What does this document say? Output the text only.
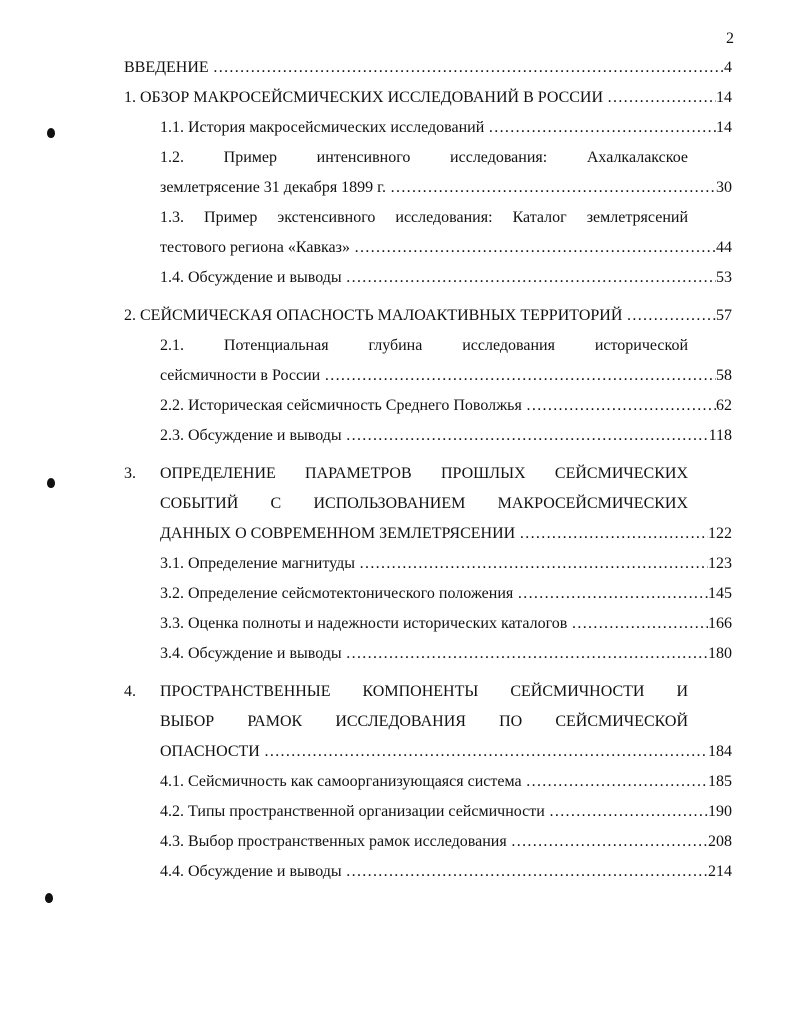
2
ВВЕДЕНИЕ ………………………………………………………………………………………………………………………………………………………………………………	4
1. ОБЗОР МАКРОСЕЙСМИЧЕСКИХ ИССЛЕДОВАНИЙ В РОССИИ ………………………………………………………………………………………………………………………………………………………………………………	14
1.1. История макросейсмических исследований ………………………………………………………………………………………………………………………………………………………………………………	14
1.2. Пример интенсивного исследования: Ахалкалакское
землетрясение 31 декабря 1899 г. ………………………………………………………………………………………………………………………………………………………………………………	30
1.3. Пример экстенсивного исследования: Каталог землетрясений
тестового региона «Кавказ» ………………………………………………………………………………………………………………………………………………………………………………	44
1.4. Обсуждение и выводы ………………………………………………………………………………………………………………………………………………………………………………	53
2. СЕЙСМИЧЕСКАЯ ОПАСНОСТЬ МАЛОАКТИВНЫХ ТЕРРИТОРИЙ ………………………………………………………………………………………………………………………………………………………………………………	57
2.1. Потенциальная глубина исследования исторической
сейсмичности в России ………………………………………………………………………………………………………………………………………………………………………………	58
2.2. Историческая сейсмичность Среднего Поволжья ………………………………………………………………………………………………………………………………………………………………………………	62
2.3. Обсуждение и выводы ………………………………………………………………………………………………………………………………………………………………………………	118
3. ОПРЕДЕЛЕНИЕ ПАРАМЕТРОВ ПРОШЛЫХ СЕЙСМИЧЕСКИХ
СОБЫТИЙ С ИСПОЛЬЗОВАНИЕМ МАКРОСЕЙСМИЧЕСКИХ
ДАННЫХ О СОВРЕМЕННОМ ЗЕМЛЕТРЯСЕНИИ ………………………………………………………………………………………………………………………………………………………………………………	122
3.1. Определение магнитуды ………………………………………………………………………………………………………………………………………………………………………………	123
3.2. Определение сейсмотектонического положения ………………………………………………………………………………………………………………………………………………………………………………	145
3.3. Оценка полноты и надежности исторических каталогов ………………………………………………………………………………………………………………………………………………………………………………	166
3.4. Обсуждение и выводы ………………………………………………………………………………………………………………………………………………………………………………	180
4. ПРОСТРАНСТВЕННЫЕ КОМПОНЕНТЫ СЕЙСМИЧНОСТИ И
ВЫБОР РАМОК ИССЛЕДОВАНИЯ ПО СЕЙСМИЧЕСКОЙ
ОПАСНОСТИ ………………………………………………………………………………………………………………………………………………………………………………	184
4.1. Сейсмичность как самоорганизующаяся система ………………………………………………………………………………………………………………………………………………………………………………	185
4.2. Типы пространственной организации сейсмичности ………………………………………………………………………………………………………………………………………………………………………………	190
4.3. Выбор пространственных рамок исследования ………………………………………………………………………………………………………………………………………………………………………………	208
4.4. Обсуждение и выводы ………………………………………………………………………………………………………………………………………………………………………………	214
